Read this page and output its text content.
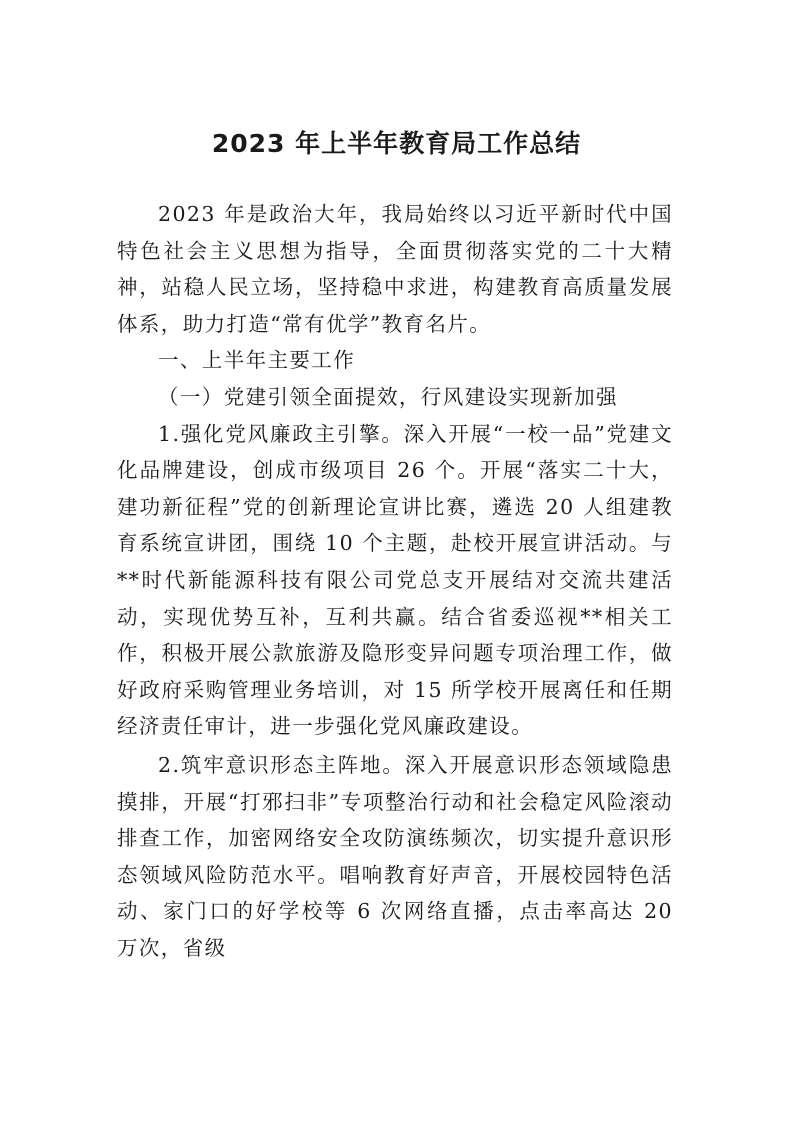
2023 年上半年教育局工作总结

2023 年是政治大年，我局始终以习近平新时代中国特色社会主义思想为指导，全面贯彻落实党的二十大精神，站稳人民立场，坚持稳中求进，构建教育高质量发展体系，助力打造“常有优学”教育名片。

一、上半年主要工作

（一）党建引领全面提效，行风建设实现新加强

1.强化党风廉政主引擎。深入开展“一校一品”党建文化品牌建设，创成市级项目 26 个。开展“落实二十大，建功新征程”党的创新理论宣讲比赛，遴选 20 人组建教育系统宣讲团，围绕 10 个主题，赴校开展宣讲活动。与**时代新能源科技有限公司党总支开展结对交流共建活动，实现优势互补，互利共赢。结合省委巡视**相关工作，积极开展公款旅游及隐形变异问题专项治理工作，做好政府采购管理业务培训，对 15 所学校开展离任和任期经济责任审计，进一步强化党风廉政建设。

2.筑牢意识形态主阵地。深入开展意识形态领域隐患摸排，开展“打邪扫非”专项整治行动和社会稳定风险滚动排查工作，加密网络安全攻防演练频次，切实提升意识形态领域风险防范水平。唱响教育好声音，开展校园特色活动、家门口的好学校等 6 次网络直播，点击率高达 20 万次，省级
